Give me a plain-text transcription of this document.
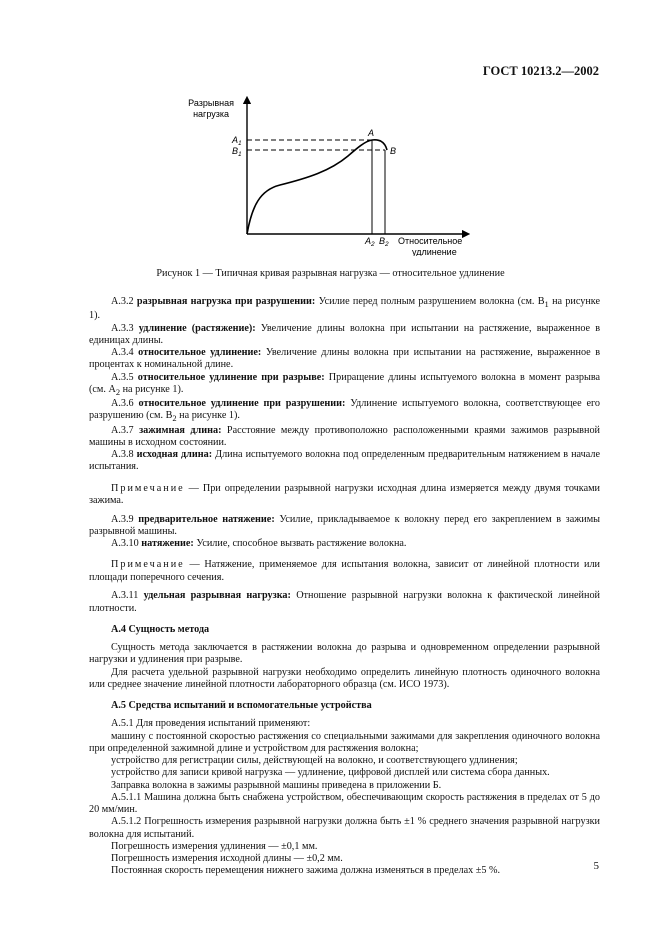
ГОСТ 10213.2—2002
Разрывная
нагрузка
A
B
$A_1$
$B_1$
$A_2$ $B_2$ Относительное
удлинение
Рисунок 1 — Типичная кривая разрывная нагрузка — относительное удлинение

А.3.2 разрывная нагрузка при разрушении: Усилие перед полным разрушением волокна (см. $B_1$ на рисунке 1).

А.3.3 удлинение (растяжение): Увеличение длины волокна при испытании на растяжение, выраженное в единицах длины.

А.3.4 относительное удлинение: Увеличение длины волокна при испытании на растяжение, выраженное в процентах к номинальной длине.

А.3.5 относительное удлинение при разрыве: Приращение длины испытуемого волокна в момент разрыва (см. $A_2$ на рисунке 1).

А.3.6 относительное удлинение при разрушении: Удлинение испытуемого волокна, соответствующее его разрушению (см. $B_2$ на рисунке 1).

А.3.7 зажимная длина: Расстояние между противоположно расположенными краями зажимов разрывной машины в исходном состоянии.

А.3.8 исходная длина: Длина испытуемого волокна под определенным предварительным натяжением в начале испытания.

Примечание — При определении разрывной нагрузки исходная длина измеряется между двумя точками зажима.

А.3.9 предварительное натяжение: Усилие, прикладываемое к волокну перед его закреплением в зажимы разрывной машины.

А.3.10 натяжение: Усилие, способное вызвать растяжение волокна.

Примечание — Натяжение, применяемое для испытания волокна, зависит от линейной плотности или площади поперечного сечения.

А.3.11 удельная разрывная нагрузка: Отношение разрывной нагрузки волокна к фактической линейной плотности.

А.4 Сущность метода

Сущность метода заключается в растяжении волокна до разрыва и одновременном определении разрывной нагрузки и удлинения при разрыве.

Для расчета удельной разрывной нагрузки необходимо определить линейную плотность одиночного волокна или среднее значение линейной плотности лабораторного образца (см. ИСО 1973).

А.5 Средства испытаний и вспомогательные устройства

А.5.1 Для проведения испытаний применяют:

машину с постоянной скоростью растяжения со специальными зажимами для закрепления одиночного волокна при определенной зажимной длине и устройством для растяжения волокна;

устройство для регистрации силы, действующей на волокно, и соответствующего удлинения;

устройство для записи кривой нагрузка — удлинение, цифровой дисплей или система сбора данных.

Заправка волокна в зажимы разрывной машины приведена в приложении Б.

А.5.1.1 Машина должна быть снабжена устройством, обеспечивающим скорость растяжения в пределах от 5 до 20 мм/мин.

А.5.1.2 Погрешность измерения разрывной нагрузки должна быть ±1 % среднего значения разрывной нагрузки волокна для испытаний.

Погрешность измерения удлинения — ±0,1 мм.

Погрешность измерения исходной длины — ±0,2 мм.

Постоянная скорость перемещения нижнего зажима должна изменяться в пределах ±5 %.	5
